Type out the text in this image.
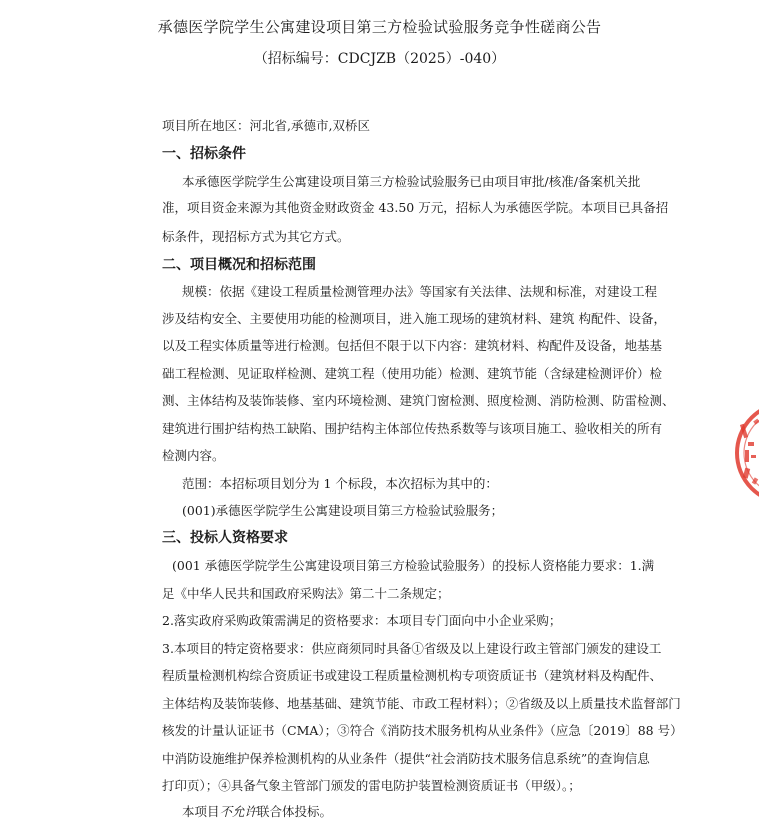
承德医学院学生公寓建设项目第三方检验试验服务竞争性磋商公告
（招标编号：CDCJZB（2025）-040）
项目所在地区：河北省,承德市,双桥区
一、招标条件
本承德医学院学生公寓建设项目第三方检验试验服务已由项目审批/核准/备案机关批
准，项目资金来源为其他资金财政资金 43.50 万元，招标人为承德医学院。本项目已具备招
标条件，现招标方式为其它方式。
二、项目概况和招标范围
规模：依据《建设工程质量检测管理办法》等国家有关法律、法规和标准，对建设工程
涉及结构安全、主要使用功能的检测项目，进入施工现场的建筑材料、建筑 构配件、设备，
以及工程实体质量等进行检测。包括但不限于以下内容：建筑材料、构配件及设备，地基基
础工程检测、见证取样检测、建筑工程（使用功能）检测、建筑节能（含绿建检测评价）检
测、主体结构及装饰装修、室内环境检测、建筑门窗检测、照度检测、消防检测、防雷检测、
建筑进行围护结构热工缺陷、围护结构主体部位传热系数等与该项目施工、验收相关的所有
检测内容。
范围：本招标项目划分为 1 个标段，本次招标为其中的：
(001)承德医学院学生公寓建设项目第三方检验试验服务；
三、投标人资格要求
(001 承德医学院学生公寓建设项目第三方检验试验服务）的投标人资格能力要求：1.满
足《中华人民共和国政府采购法》第二十二条规定；
2.落实政府采购政策需满足的资格要求：本项目专门面向中小企业采购；
3.本项目的特定资格要求：供应商须同时具备①省级及以上建设行政主管部门颁发的建设工
程质量检测机构综合资质证书或建设工程质量检测机构专项资质证书（建筑材料及构配件、
主体结构及装饰装修、地基基础、建筑节能、市政工程材料）；②省级及以上质量技术监督部门
核发的计量认证证书（CMA）；③符合《消防技术服务机构从业条件》（应急〔2019〕88 号）
中消防设施维护保养检测机构的从业条件（提供“社会消防技术服务信息系统”的查询信息
打印页）；④具备气象主管部门颁发的雷电防护装置检测资质证书（甲级）。；
本项目不允许联合体投标。
